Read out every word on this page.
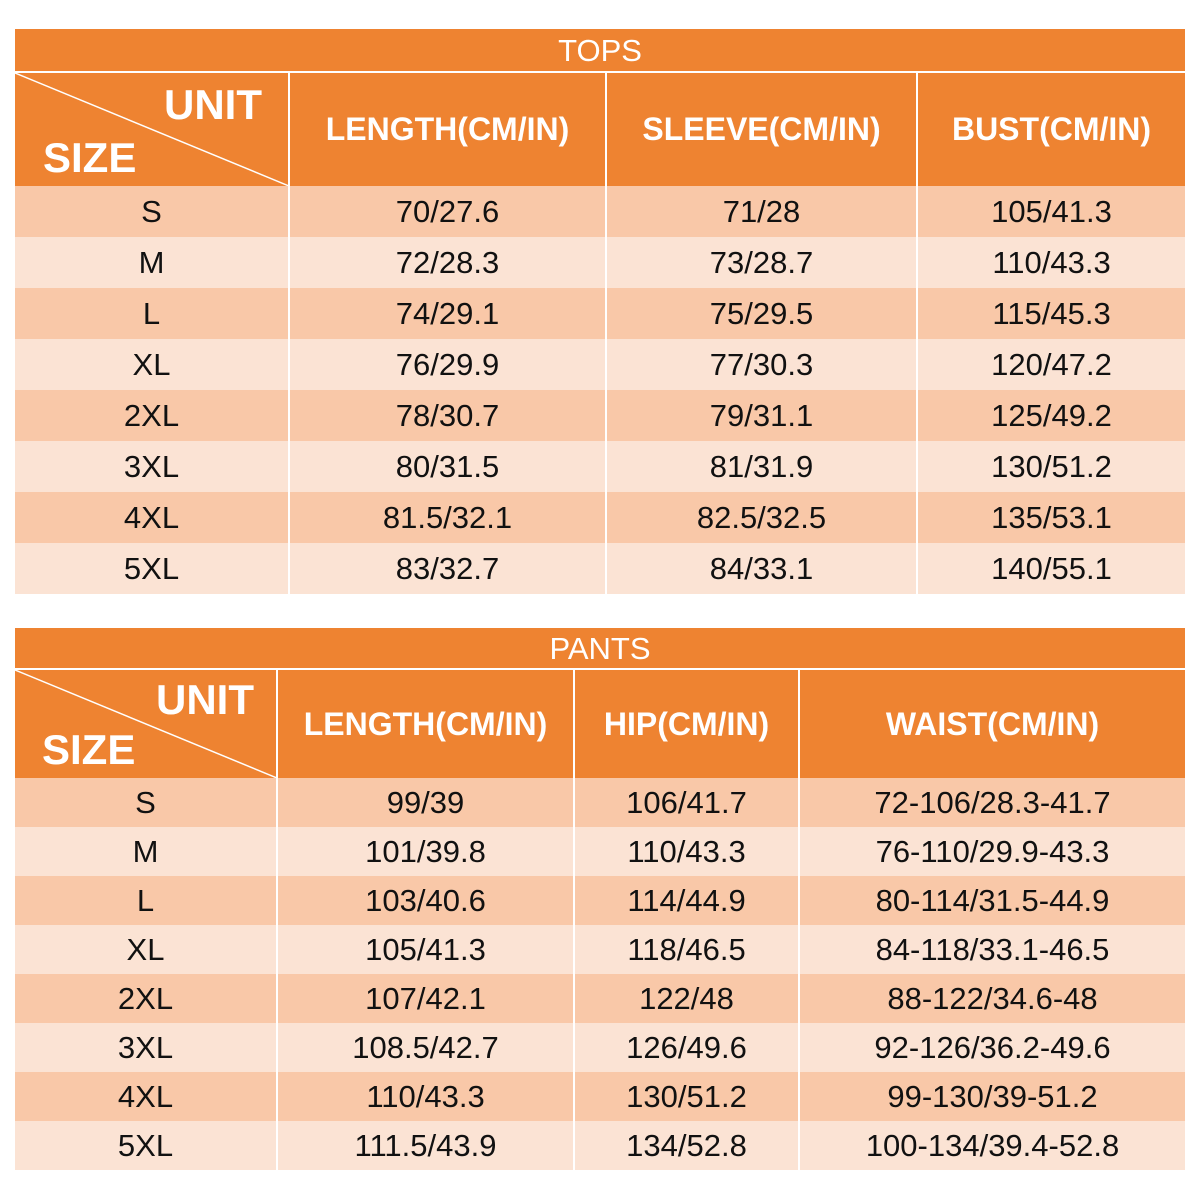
TOPS
UNIT
SIZE	LENGTH(CM/IN)	SLEEVE(CM/IN)	BUST(CM/IN)
S	70/27.6	71/28	105/41.3
M	72/28.3	73/28.7	110/43.3
L	74/29.1	75/29.5	115/45.3
XL	76/29.9	77/30.3	120/47.2
2XL	78/30.7	79/31.1	125/49.2
3XL	80/31.5	81/31.9	130/51.2
4XL	81.5/32.1	82.5/32.5	135/53.1
5XL	83/32.7	84/33.1	140/55.1
PANTS
UNIT
SIZE	LENGTH(CM/IN)	HIP(CM/IN)	WAIST(CM/IN)
S	99/39	106/41.7	72-106/28.3-41.7
M	101/39.8	110/43.3	76-110/29.9-43.3
L	103/40.6	114/44.9	80-114/31.5-44.9
XL	105/41.3	118/46.5	84-118/33.1-46.5
2XL	107/42.1	122/48	88-122/34.6-48
3XL	108.5/42.7	126/49.6	92-126/36.2-49.6
4XL	110/43.3	130/51.2	99-130/39-51.2
5XL	111.5/43.9	134/52.8	100-134/39.4-52.8
